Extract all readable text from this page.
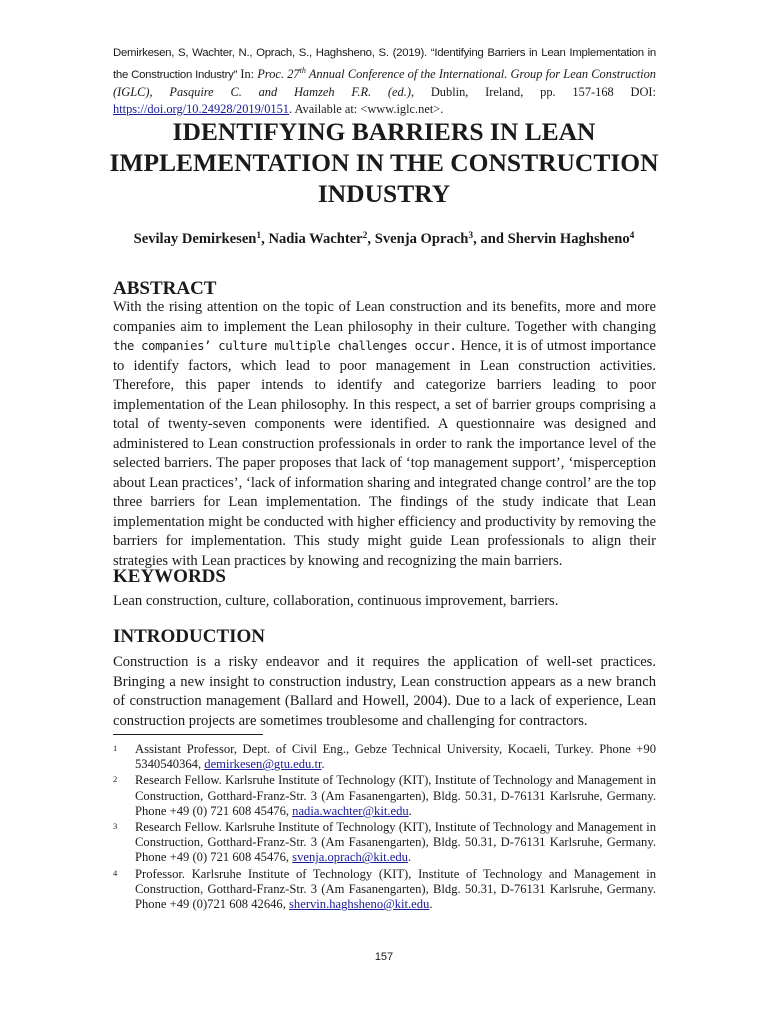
Demirkesen, S, Wachter, N., Oprach, S., Haghsheno, S. (2019). “Identifying Barriers in Lean Implementation in the Construction Industry” In: Proc. 27th Annual Conference of the International. Group for Lean Construction (IGLC), Pasquire C. and Hamzeh F.R. (ed.), Dublin, Ireland, pp. 157-168 DOI: https://doi.org/10.24928/2019/0151. Available at: <www.iglc.net>.
IDENTIFYING BARRIERS IN LEAN IMPLEMENTATION IN THE CONSTRUCTION INDUSTRY
Sevilay Demirkesen$^1$, Nadia Wachter$^2$, Svenja Oprach$^3$, and Shervin Haghsheno$^4$
ABSTRACT

With the rising attention on the topic of Lean construction and its benefits, more and more companies aim to implement the Lean philosophy in their culture. Together with changing the companies’ culture multiple challenges occur. Hence, it is of utmost importance to identify factors, which lead to poor management in Lean construction activities. Therefore, this paper intends to identify and categorize barriers leading to poor implementation of the Lean philosophy. In this respect, a set of barrier groups comprising a total of twenty-seven components were identified. A questionnaire was designed and administered to Lean construction professionals in order to rank the importance level of the selected barriers. The paper proposes that lack of ‘top management support’, ‘misperception about Lean practices’, ‘lack of information sharing and integrated change control’ are the top three barriers for Lean implementation. The findings of the study indicate that Lean implementation might be conducted with higher efficiency and productivity by removing the barriers for implementation. This study might guide Lean professionals to align their strategies with Lean practices by knowing and recognizing the main barriers.

KEYWORDS

Lean construction, culture, collaboration, continuous improvement, barriers.

INTRODUCTION

Construction is a risky endeavor and it requires the application of well-set practices. Bringing a new insight to construction industry, Lean construction appears as a new branch of construction management (Ballard and Howell, 2004). Due to a lack of experience, Lean construction projects are sometimes troublesome and challenging for contractors.

1	Assistant Professor, Dept. of Civil Eng., Gebze Technical University, Kocaeli, Turkey. Phone +90 5340540364, demirkesen@gtu.edu.tr.
2	Research Fellow. Karlsruhe Institute of Technology (KIT), Institute of Technology and Management in Construction, Gotthard-Franz-Str. 3 (Am Fasanengarten), Bldg. 50.31, D-76131 Karlsruhe, Germany. Phone +49 (0) 721 608 45476, nadia.wachter@kit.edu.
3	Research Fellow. Karlsruhe Institute of Technology (KIT), Institute of Technology and Management in Construction, Gotthard-Franz-Str. 3 (Am Fasanengarten), Bldg. 50.31, D-76131 Karlsruhe, Germany. Phone +49 (0) 721 608 45476, svenja.oprach@kit.edu.
4	Professor. Karlsruhe Institute of Technology (KIT), Institute of Technology and Management in Construction, Gotthard-Franz-Str. 3 (Am Fasanengarten), Bldg. 50.31, D-76131 Karlsruhe, Germany. Phone +49 (0)721 608 42646, shervin.haghsheno@kit.edu.
157
